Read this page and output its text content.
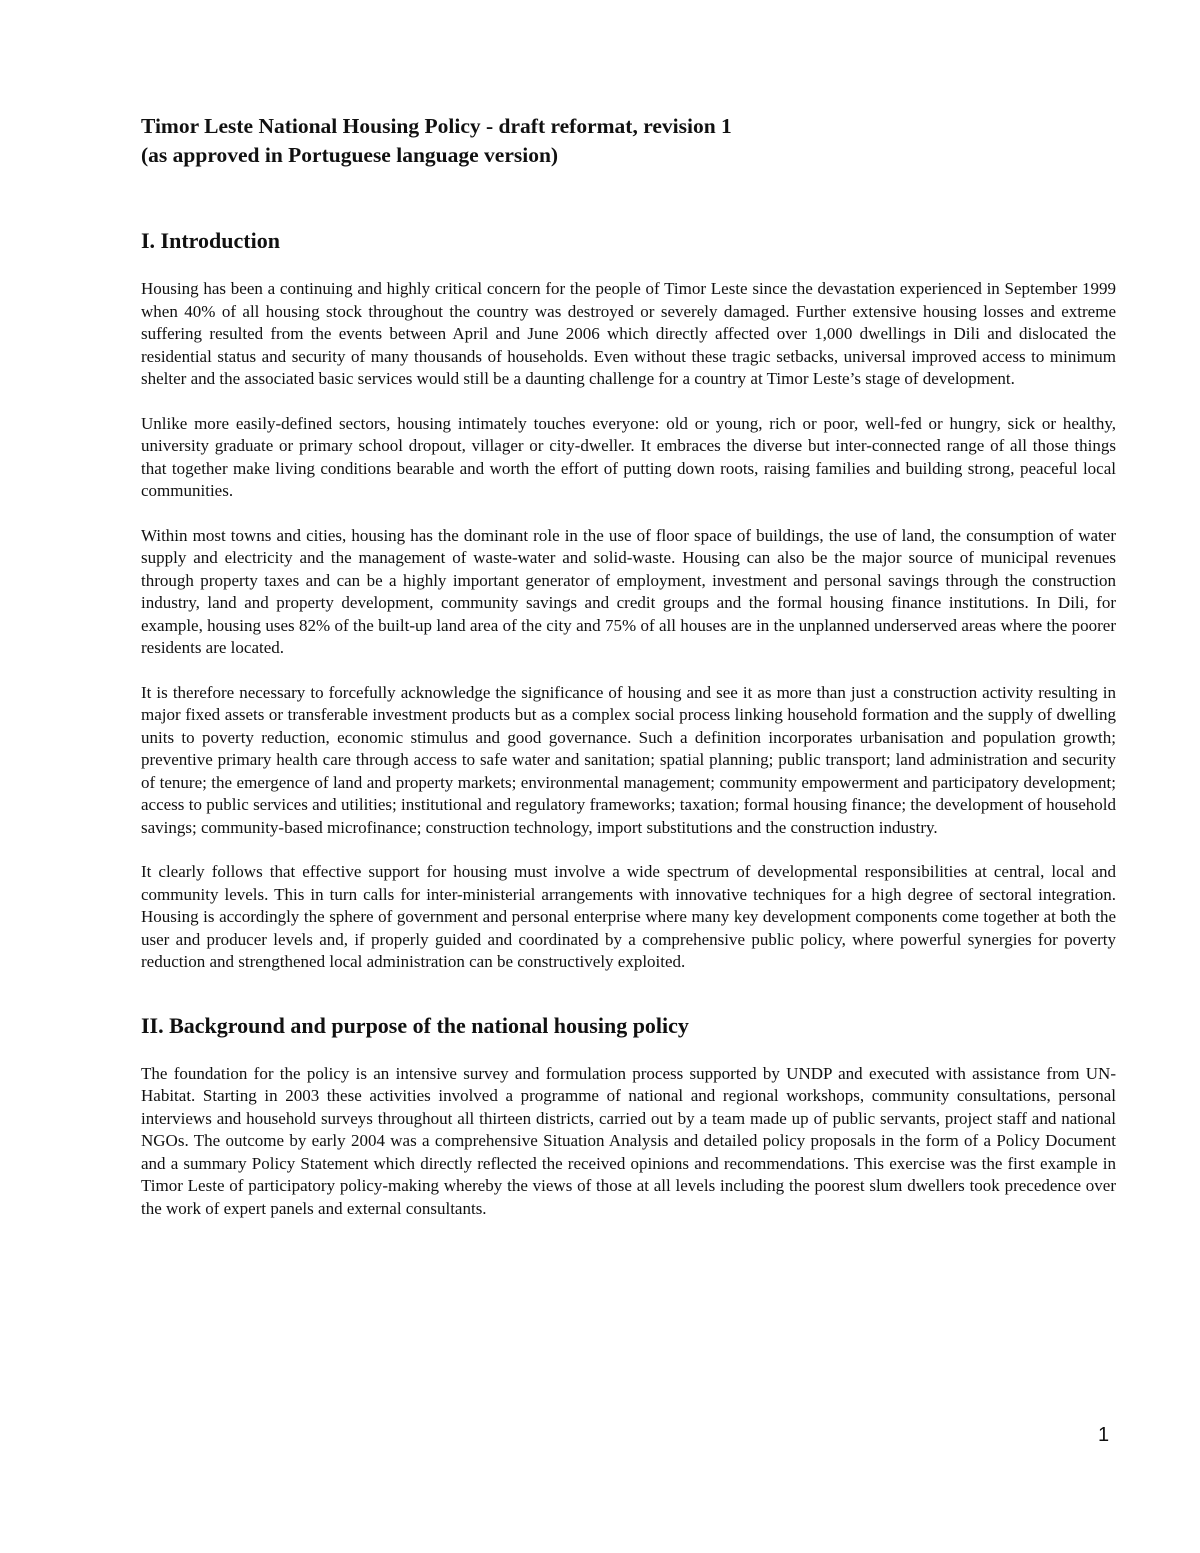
Timor Leste National Housing Policy - draft reformat, revision 1
(as approved in Portuguese language version)
I. Introduction

Housing has been a continuing and highly critical concern for the people of Timor Leste since the devastation experienced in September 1999 when 40% of all housing stock throughout the country was destroyed or severely damaged. Further extensive housing losses and extreme suffering resulted from the events between April and June 2006 which directly affected over 1,000 dwellings in Dili and dislocated the residential status and security of many thousands of households. Even without these tragic setbacks, universal improved access to minimum shelter and the associated basic services would still be a daunting challenge for a country at Timor Leste’s stage of development.

Unlike more easily-defined sectors, housing intimately touches everyone: old or young, rich or poor, well-fed or hungry, sick or healthy, university graduate or primary school dropout, villager or city-dweller. It embraces the diverse but inter-connected range of all those things that together make living conditions bearable and worth the effort of putting down roots, raising families and building strong, peaceful local communities.

Within most towns and cities, housing has the dominant role in the use of floor space of buildings, the use of land, the consumption of water supply and electricity and the management of waste-water and solid-waste. Housing can also be the major source of municipal revenues through property taxes and can be a highly important generator of employment, investment and personal savings through the construction industry, land and property development, community savings and credit groups and the formal housing finance institutions. In Dili, for example, housing uses 82% of the built-up land area of the city and 75% of all houses are in the unplanned underserved areas where the poorer residents are located.

It is therefore necessary to forcefully acknowledge the significance of housing and see it as more than just a construction activity resulting in major fixed assets or transferable investment products but as a complex social process linking household formation and the supply of dwelling units to poverty reduction, economic stimulus and good governance. Such a definition incorporates urbanisation and population growth; preventive primary health care through access to safe water and sanitation; spatial planning; public transport; land administration and security of tenure; the emergence of land and property markets; environmental management; community empowerment and participatory development; access to public services and utilities; institutional and regulatory frameworks; taxation; formal housing finance; the development of household savings; community-based microfinance; construction technology, import substitutions and the construction industry.

It clearly follows that effective support for housing must involve a wide spectrum of developmental responsibilities at central, local and community levels. This in turn calls for inter-ministerial arrangements with innovative techniques for a high degree of sectoral integration. Housing is accordingly the sphere of government and personal enterprise where many key development components come together at both the user and producer levels and, if properly guided and coordinated by a comprehensive public policy, where powerful synergies for poverty reduction and strengthened local administration can be constructively exploited.

II. Background and purpose of the national housing policy

The foundation for the policy is an intensive survey and formulation process supported by UNDP and executed with assistance from UN-Habitat. Starting in 2003 these activities involved a programme of national and regional workshops, community consultations, personal interviews and household surveys throughout all thirteen districts, carried out by a team made up of public servants, project staff and national NGOs. The outcome by early 2004 was a comprehensive Situation Analysis and detailed policy proposals in the form of a Policy Document and a summary Policy Statement which directly reflected the received opinions and recommendations. This exercise was the first example in Timor Leste of participatory policy-making whereby the views of those at all levels including the poorest slum dwellers took precedence over the work of expert panels and external consultants.

1
